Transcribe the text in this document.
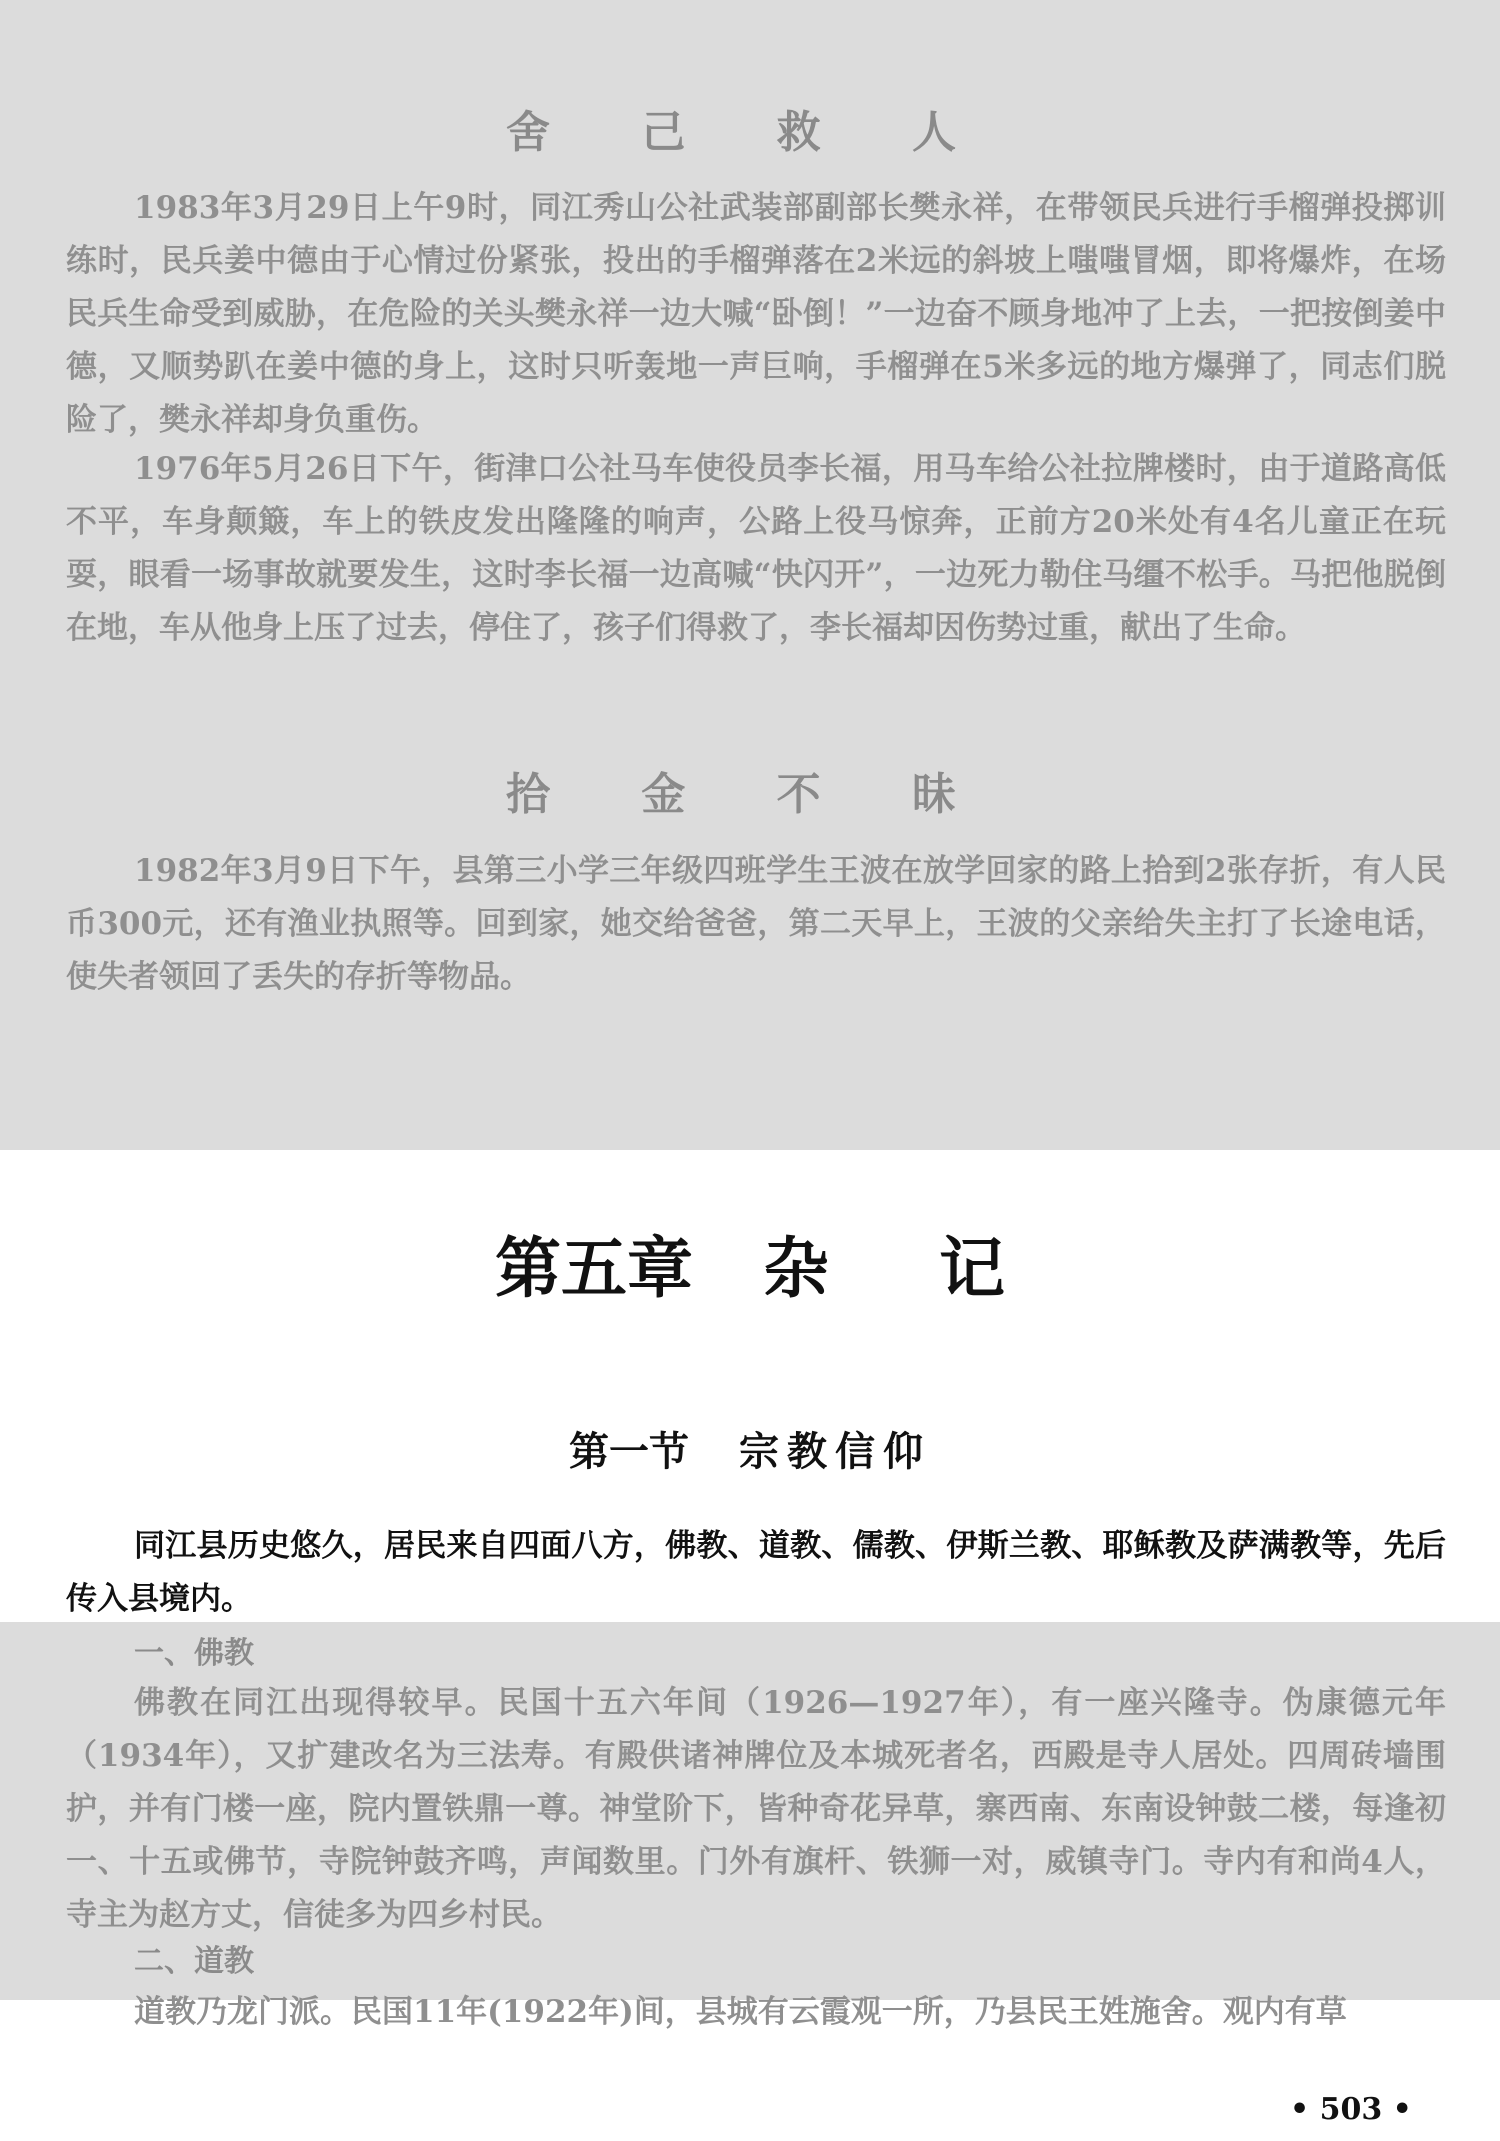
舍 己 救 人

1983年3月29日上午9时，同江秀山公社武装部副部长樊永祥，在带领民兵进行手榴弹投掷训练时，民兵姜中德由于心情过份紧张，投出的手榴弹落在2米远的斜坡上嗤嗤冒烟，即将爆炸，在场民兵生命受到威胁，在危险的关头樊永祥一边大喊“卧倒！”一边奋不顾身地冲了上去，一把按倒姜中德，又顺势趴在姜中德的身上，这时只听轰地一声巨响，手榴弹在5米多远的地方爆弹了，同志们脱险了，樊永祥却身负重伤。

1976年5月26日下午，街津口公社马车使役员李长福，用马车给公社拉牌楼时，由于道路高低不平，车身颠簸，车上的铁皮发出隆隆的响声，公路上役马惊奔，正前方20米处有4名儿童正在玩耍，眼看一场事故就要发生，这时李长福一边高喊“快闪开”，一边死力勒住马缰不松手。马把他脱倒在地，车从他身上压了过去，停住了，孩子们得救了，李长福却因伤势过重，献出了生命。

拾 金 不 昧

1982年3月9日下午，县第三小学三年级四班学生王波在放学回家的路上拾到2张存折，有人民币300元，还有渔业执照等。回到家，她交给爸爸，第二天早上，王波的父亲给失主打了长途电话，使失者领回了丢失的存折等物品。

第五章 杂 记
第一节 宗教信仰

同江县历史悠久，居民来自四面八方，佛教、道教、儒教、伊斯兰教、耶稣教及萨满教等，先后传入县境内。

一、佛教

佛教在同江出现得较早。民国十五六年间（1926—1927年），有一座兴隆寺。伪康德元年（1934年），又扩建改名为三法寿。有殿供诸神牌位及本城死者名，西殿是寺人居处。四周砖墙围护，并有门楼一座，院内置铁鼎一尊。神堂阶下，皆种奇花异草，寨西南、东南设钟鼓二楼，每逢初一、十五或佛节，寺院钟鼓齐鸣，声闻数里。门外有旗杆、铁狮一对，威镇寺门。寺内有和尚4人，寺主为赵方丈，信徒多为四乡村民。

二、道教

道教乃龙门派。民国11年(1922年)间，县城有云霞观一所，乃县民王姓施舍。观内有草

• 503 •
